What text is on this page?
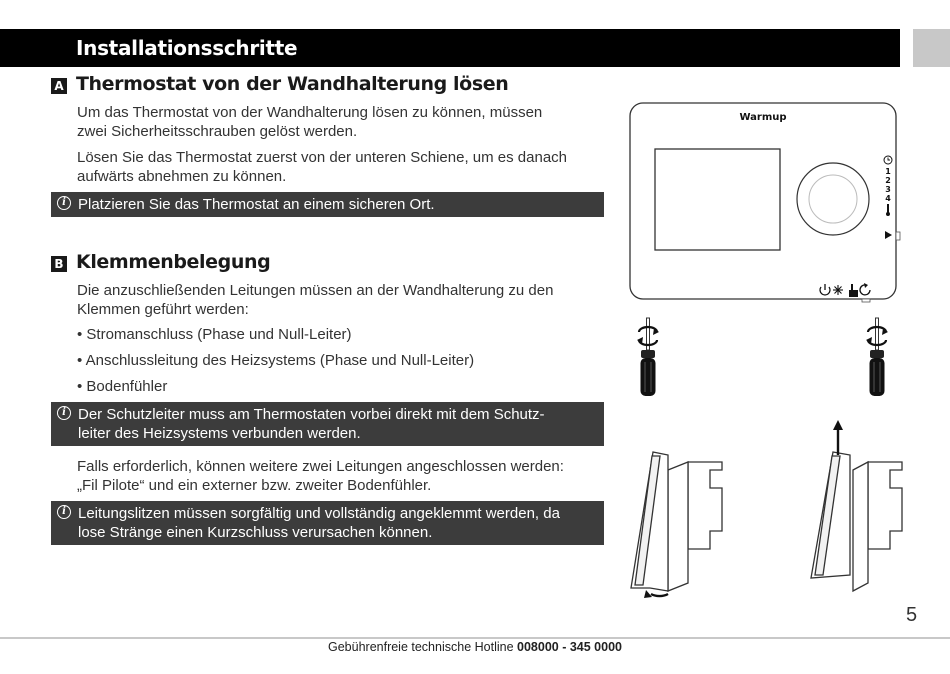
Installationsschritte
A Thermostat von der Wandhalterung lösen
Um das Thermostat von der Wandhalterung lösen zu können, müssen
zwei Sicherheitsschrauben gelöst werden.
Lösen Sie das Thermostat zuerst von der unteren Schiene, um es danach
aufwärts abnehmen zu können.
i Platzieren Sie das Thermostat an einem sicheren Ort.
B Klemmenbelegung
Die anzuschließenden Leitungen müssen an der Wandhalterung zu den
Klemmen geführt werden:
• Stromanschluss (Phase und Null-Leiter)
• Anschlussleitung des Heizsystems (Phase und Null-Leiter)
• Bodenfühler
i Der Schutzleiter muss am Thermostaten vorbei direkt mit dem Schutz-
leiter des Heizsystems verbunden werden.
Falls erforderlich, können weitere zwei Leitungen angeschlossen werden:
„Fil Pilote“ und ein externer bzw. zweiter Bodenfühler.
i Leitungslitzen müssen sorgfältig und vollständig angeklemmt werden, da
lose Stränge einen Kurzschluss verursachen können.
Warmup
1
2
3
4
5
Gebührenfreie technische Hotline 008000 - 345 0000
